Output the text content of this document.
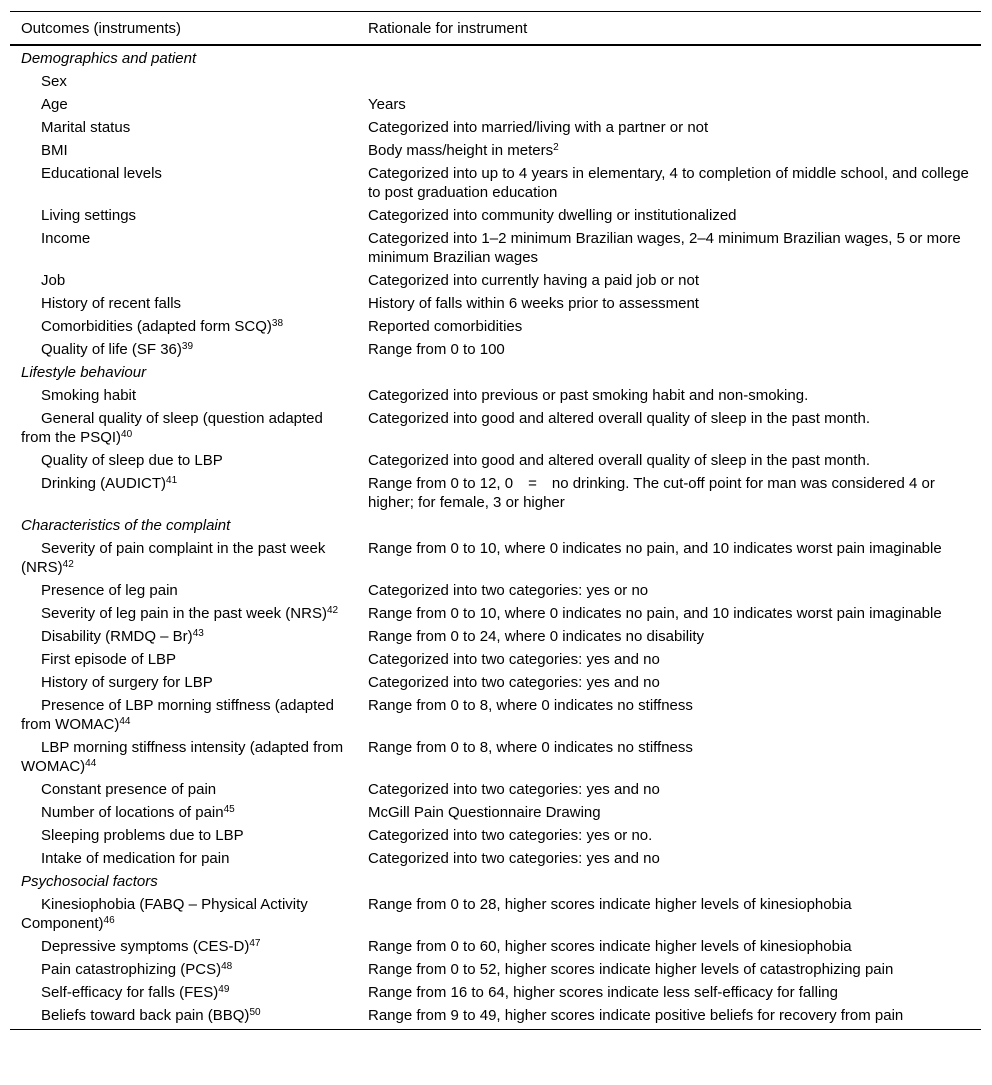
Outcomes (instruments)	Rationale for instrument
Demographics and patient	
Sex	
Age	Years
Marital status	Categorized into married/living with a partner or not
BMI	Body mass/height in meters$^2$
Educational levels	Categorized into up to 4 years in elementary, 4 to completion of middle school, and college to post graduation education
Living settings	Categorized into community dwelling or institutionalized
Income	Categorized into 1–2 minimum Brazilian wages, 2–4 minimum Brazilian wages, 5 or more minimum Brazilian wages
Job	Categorized into currently having a paid job or not
History of recent falls	History of falls within 6 weeks prior to assessment
Comorbidities (adapted form SCQ)$^{38}$	Reported comorbidities
Quality of life (SF 36)$^{39}$	Range from 0 to 100
Lifestyle behaviour	
Smoking habit	Categorized into previous or past smoking habit and non-smoking.
General quality of sleep (question adapted from the PSQI)$^{40}$	Categorized into good and altered overall quality of sleep in the past month.
Quality of sleep due to LBP	Categorized into good and altered overall quality of sleep in the past month.
Drinking (AUDICT)$^{41}$	Range from 0 to 12, 0 = no drinking. The cut-off point for man was considered 4 or higher; for female, 3 or higher
Characteristics of the complaint	
Severity of pain complaint in the past week (NRS)$^{42}$	Range from 0 to 10, where 0 indicates no pain, and 10 indicates worst pain imaginable
Presence of leg pain	Categorized into two categories: yes or no
Severity of leg pain in the past week (NRS)$^{42}$	Range from 0 to 10, where 0 indicates no pain, and 10 indicates worst pain imaginable
Disability (RMDQ – Br)$^{43}$	Range from 0 to 24, where 0 indicates no disability
First episode of LBP	Categorized into two categories: yes and no
History of surgery for LBP	Categorized into two categories: yes and no
Presence of LBP morning stiffness (adapted from WOMAC)$^{44}$	Range from 0 to 8, where 0 indicates no stiffness
LBP morning stiffness intensity (adapted from WOMAC)$^{44}$	Range from 0 to 8, where 0 indicates no stiffness
Constant presence of pain	Categorized into two categories: yes and no
Number of locations of pain$^{45}$	McGill Pain Questionnaire Drawing
Sleeping problems due to LBP	Categorized into two categories: yes or no.
Intake of medication for pain	Categorized into two categories: yes and no
Psychosocial factors	
Kinesiophobia (FABQ – Physical Activity Component)$^{46}$	Range from 0 to 28, higher scores indicate higher levels of kinesiophobia
Depressive symptoms $(CES-D)^{47}$	Range from 0 to 60, higher scores indicate higher levels of kinesiophobia
Pain catastrophizing (PCS)$^{48}$	Range from 0 to 52, higher scores indicate higher levels of catastrophizing pain
Self-efficacy for falls (FES)$^{49}$	Range from 16 to 64, higher scores indicate less self-efficacy for falling
Beliefs toward back pain (BBQ)$^{50}$	Range from 9 to 49, higher scores indicate positive beliefs for recovery from pain
